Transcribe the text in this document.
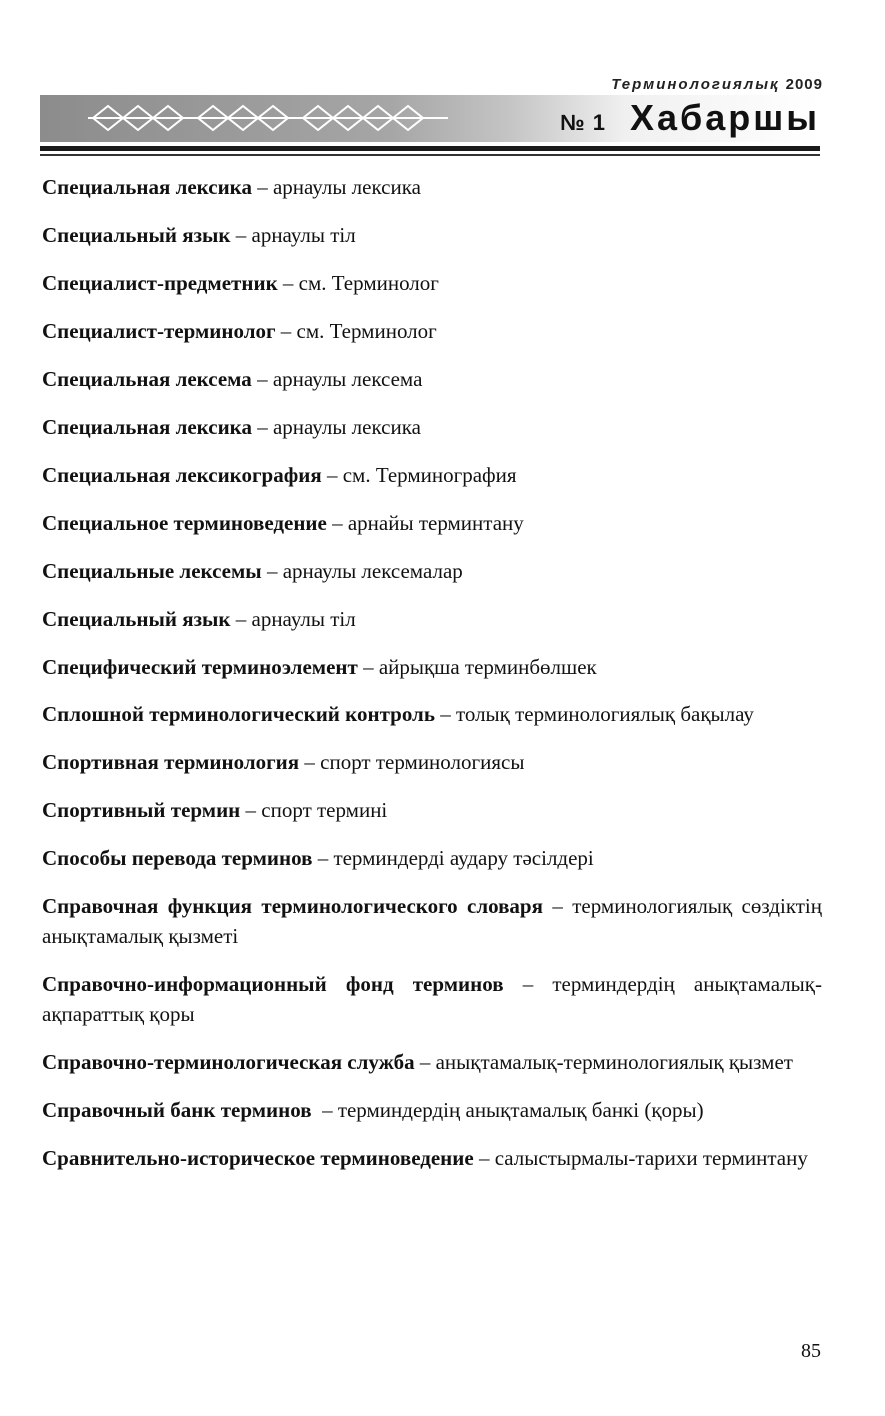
Терминологиялық 2009
№ 1 Хабаршы
Специальная лексика – арнаулы лексика
Специальный язык – арнаулы тіл
Специалист-предметник – см. Терминолог
Специалист-терминолог – см. Терминолог
Специальная лексема – арнаулы лексема
Специальная лексика – арнаулы лексика
Специальная лексикография – см. Терминография
Специальное терминоведение – арнайы терминтану
Специальные лексемы – арнаулы лексемалар
Специальный язык – арнаулы тіл
Специфический терминоэлемент – айрықша терминбөлшек
Сплошной терминологический контроль – толық терминологиялық бақылау
Спортивная терминология – спорт терминологиясы
Спортивный термин – спорт термині
Способы перевода терминов – терминдерді аудару тәсілдері
Справочная функция терминологического словаря – терминологиялық сөздіктің анықтамалық қызметі
Справочно-информационный фонд терминов – терминдердің анықтамалық-ақпараттық қоры
Справочно-терминологическая служба – анықтамалық-терминологиялық қызмет
Справочный банк терминов  – терминдердің анықтамалық банкі (қоры)
Сравнительно-историческое терминоведение – салыстырмалы-тарихи терминтану
85
